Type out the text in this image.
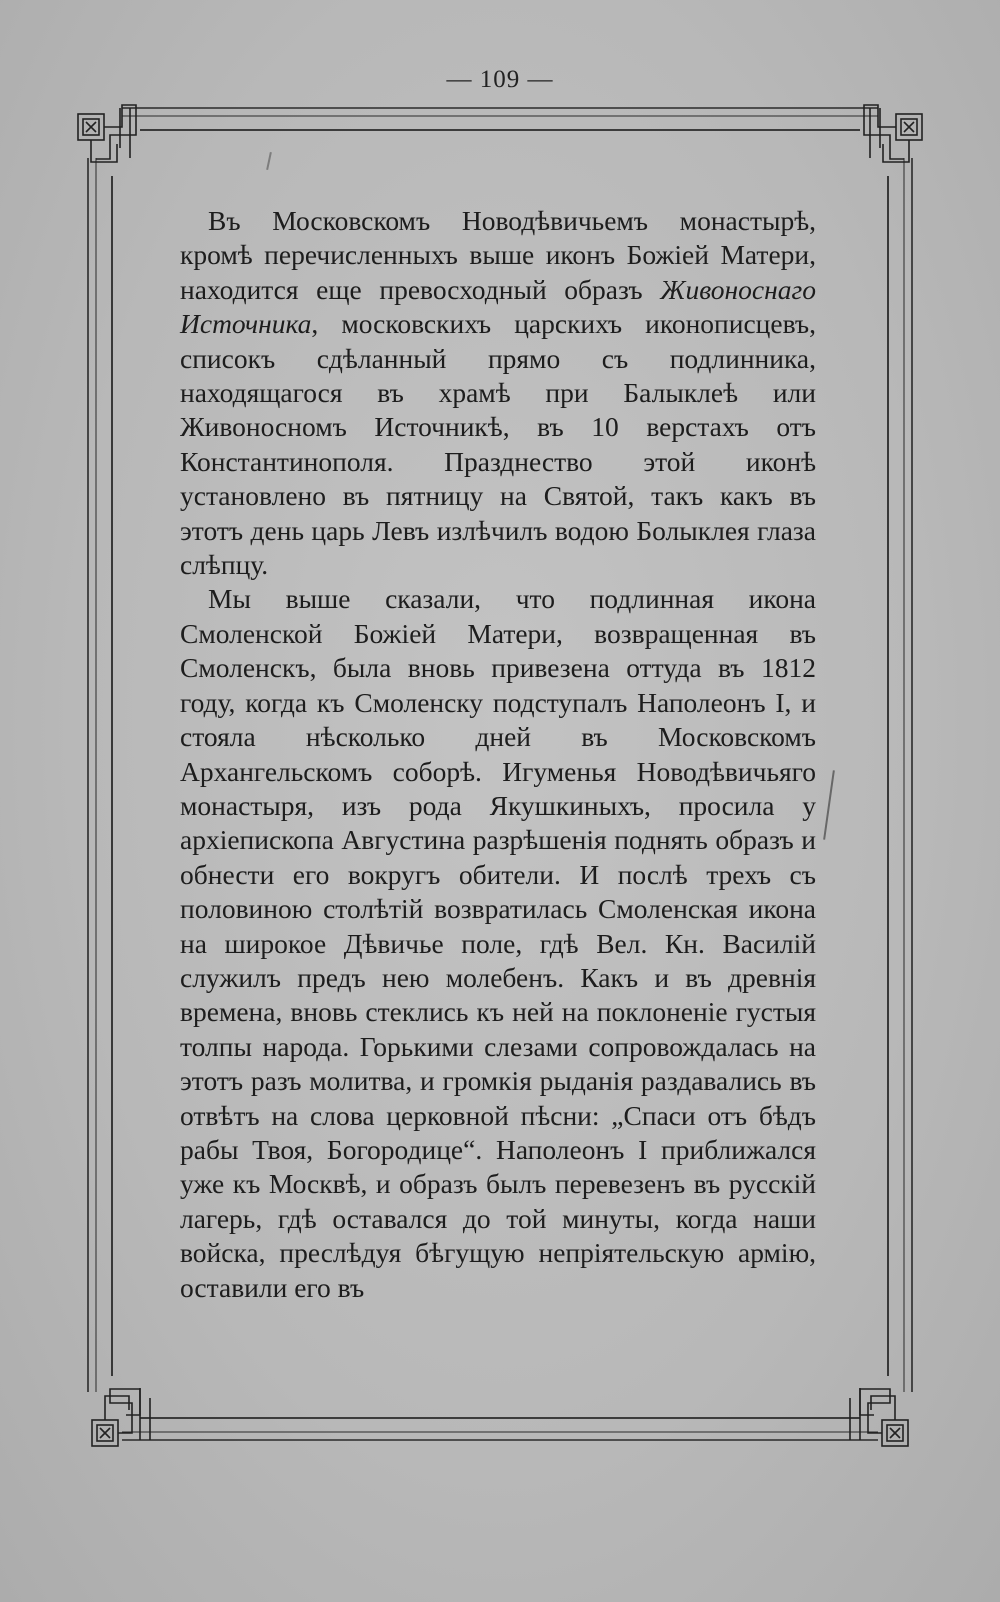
— 109 —

Въ Московскомъ Новодѣвичьемъ монастырѣ, кромѣ перечисленныхъ выше иконъ Божіей Матери, находится еще превосходный образъ Живоноснаго Источника, московскихъ царскихъ иконописцевъ, списокъ сдѣланный прямо съ подлинника, находящагося въ храмѣ при Балыклеѣ или Живоносномъ Источникѣ, въ 10 верстахъ отъ Константинополя. Празднество этой иконѣ установлено въ пятницу на Святой, такъ какъ въ этотъ день царь Левъ излѣчилъ водою Болыклея глаза слѣпцу.

Мы выше сказали, что подлинная икона Смоленской Божіей Матери, возвращенная въ Смоленскъ, была вновь привезена оттуда въ 1812 году, когда къ Смоленску подступалъ Наполеонъ I, и стояла нѣсколько дней въ Московскомъ Архангельскомъ соборѣ. Игуменья Новодѣвичьяго монастыря, изъ рода Якушкиныхъ, просила у архіепископа Августина разрѣшенія поднять образъ и обнести его вокругъ обители. И послѣ трехъ съ половиною столѣтій возвратилась Смоленская икона на широкое Дѣвичье поле, гдѣ Вел. Кн. Василій служилъ предъ нею молебенъ. Какъ и въ древнія времена, вновь стеклись къ ней на поклоненіе густыя толпы народа. Горькими слезами сопровождалась на этотъ разъ молитва, и громкія рыданія раздавались въ отвѣтъ на слова церковной пѣсни: „Спаси отъ бѣдъ рабы Твоя, Богородице“. Наполеонъ I приближался уже къ Москвѣ, и образъ былъ перевезенъ въ русскій лагерь, гдѣ оставался до той минуты, когда наши войска, преслѣдуя бѣгущую непріятельскую армію, оставили его въ
